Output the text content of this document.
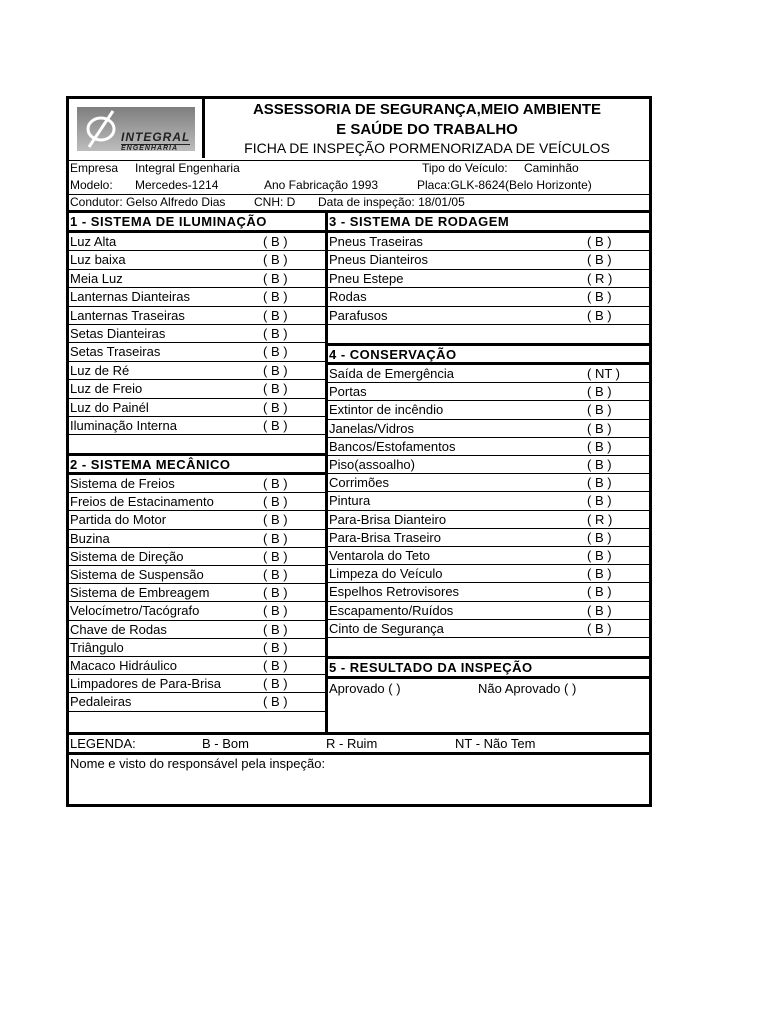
INTEGRAL
ENGENHARIA
ASSESSORIA DE SEGURANÇA,MEIO AMBIENTE
E SAÚDE DO TRABALHO
FICHA DE INSPEÇÃO PORMENORIZADA DE VEÍCULOS
Empresa Integral Engenharia	Tipo do Veículo: Caminhão
Modelo: Mercedes-1214	Ano Fabricação 1993	Placa:GLK-8624(Belo Horizonte)
Condutor: Gelso Alfredo Dias CNH: D Data de inspeção: 18/01/05
1 - SISTEMA DE ILUMINAÇÃO
Luz Alta	( B )
Luz baixa	( B )
Meia Luz	( B )
Lanternas Dianteiras	( B )
Lanternas Traseiras	( B )
Setas Dianteiras	( B )
Setas Traseiras	( B )
Luz de Ré	( B )
Luz de Freio	( B )
Luz do Painél	( B )
Iluminação Interna	( B )
2 - SISTEMA MECÂNICO
Sistema de Freios	( B )
Freios de Estacinamento	( B )
Partida do Motor	( B )
Buzina	( B )
Sistema de Direção	( B )
Sistema de Suspensão	( B )
Sistema de Embreagem	( B )
Velocímetro/Tacógrafo	( B )
Chave de Rodas	( B )
Triângulo	( B )
Macaco Hidráulico	( B )
Limpadores de Para-Brisa	( B )
Pedaleiras	( B )
3 - SISTEMA DE RODAGEM
Pneus Traseiras	( B )
Pneus Dianteiros	( B )
Pneu Estepe	( R )
Rodas	( B )
Parafusos	( B )
4 - CONSERVAÇÃO
Saída de Emergência	( NT )
Portas	( B )
Extintor de incêndio	( B )
Janelas/Vidros	( B )
Bancos/Estofamentos	( B )
Piso(assoalho)	( B )
Corrimões	( B )
Pintura	( B )
Para-Brisa Dianteiro	( R )
Para-Brisa Traseiro	( B )
Ventarola do Teto	( B )
Limpeza do Veículo	( B )
Espelhos Retrovisores	( B )
Escapamento/Ruídos	( B )
Cinto de Segurança	( B )
5 - RESULTADO DA INSPEÇÃO
Aprovado ( )	Não Aprovado ( )
LEGENDA:	B - Bom	R - Ruim	NT - Não Tem
Nome e visto do responsável pela inspeção:
